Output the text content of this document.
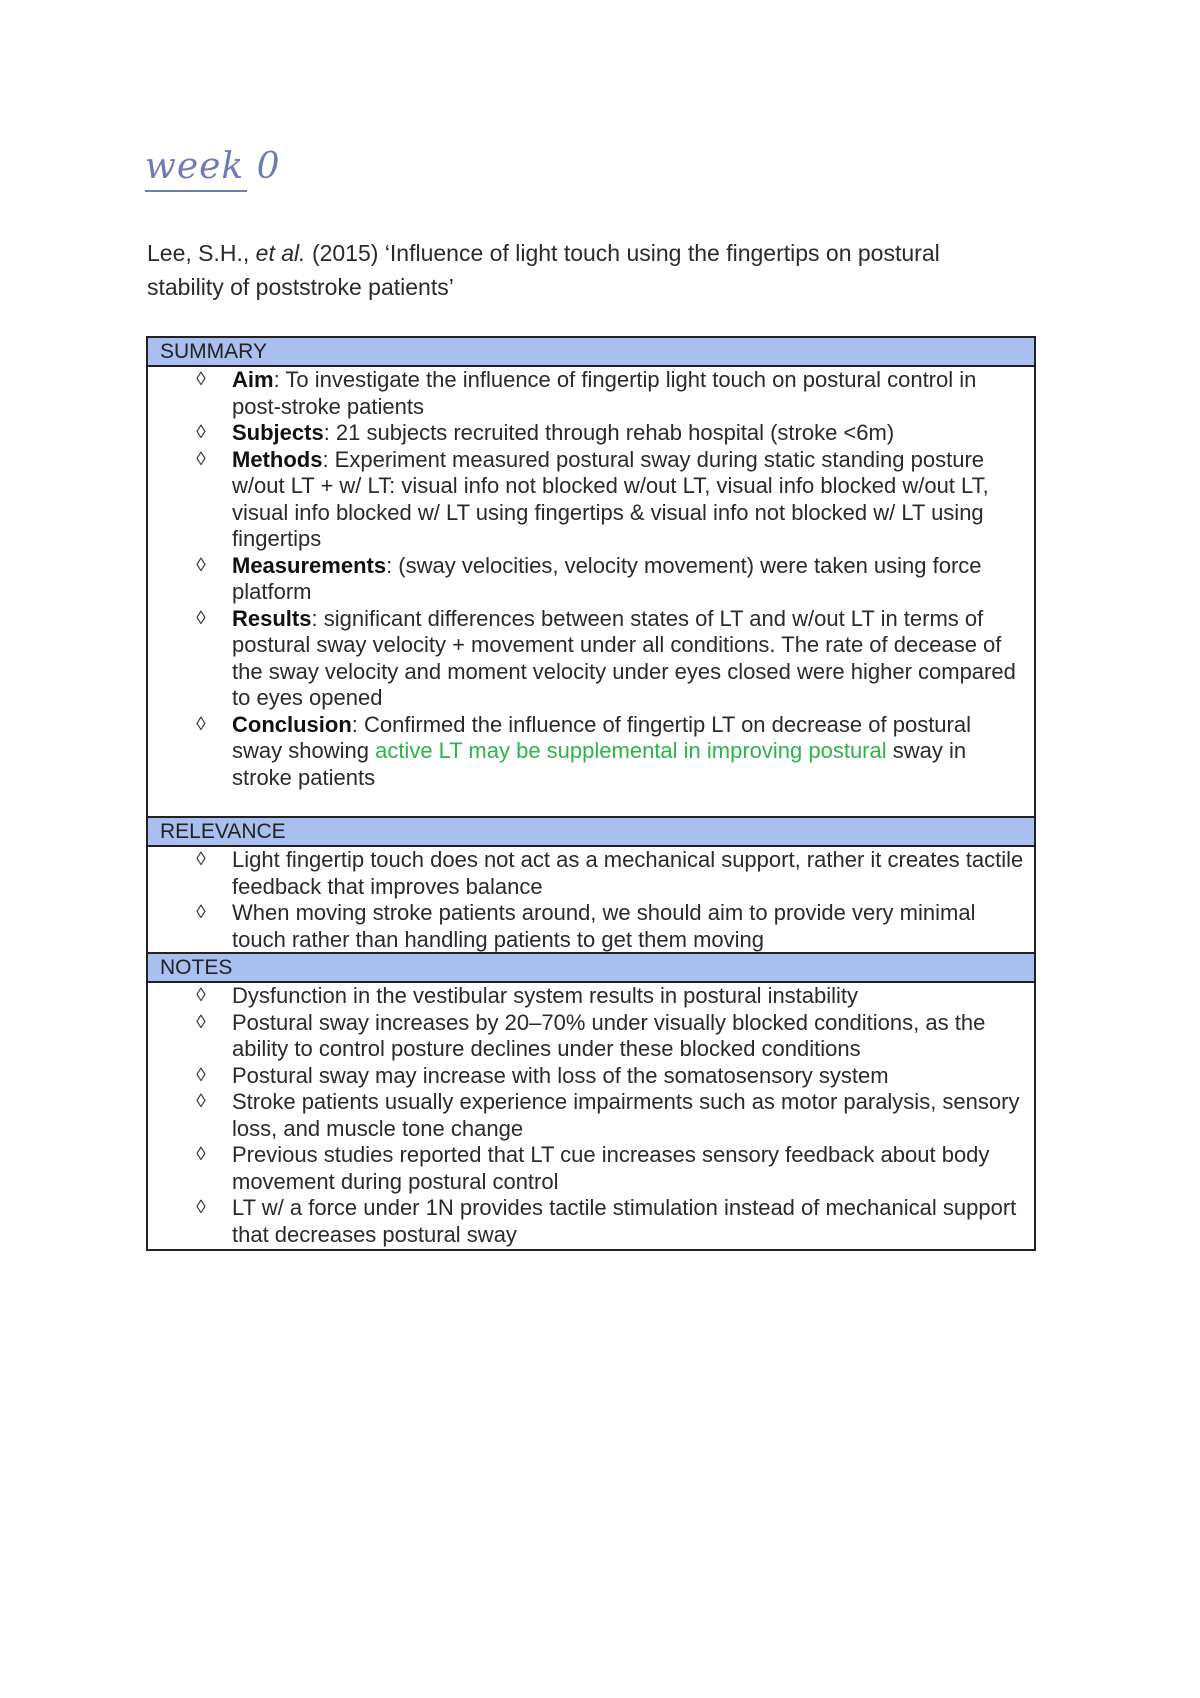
week 0
Lee, S.H., et al. (2015) ‘Influence of light touch using the fingertips on postural
stability of poststroke patients’
SUMMARY
◊ Aim: To investigate the influence of fingertip light touch on postural control in post-stroke patients
◊ Subjects: 21 subjects recruited through rehab hospital (stroke <6m)
◊ Methods: Experiment measured postural sway during static standing posture w/out LT + w/ LT: visual info not blocked w/out LT, visual info blocked w/out LT, visual info blocked w/ LT using fingertips & visual info not blocked w/ LT using fingertips
◊ Measurements: (sway velocities, velocity movement) were taken using force platform
◊ Results: significant differences between states of LT and w/out LT in terms of postural sway velocity + movement under all conditions. The rate of decease of the sway velocity and moment velocity under eyes closed were higher compared to eyes opened
◊ Conclusion: Confirmed the influence of fingertip LT on decrease of postural sway showing active LT may be supplemental in improving postural sway in stroke patients
RELEVANCE
◊ Light fingertip touch does not act as a mechanical support, rather it creates tactile feedback that improves balance
◊ When moving stroke patients around, we should aim to provide very minimal touch rather than handling patients to get them moving
NOTES
◊ Dysfunction in the vestibular system results in postural instability
◊ Postural sway increases by 20–70% under visually blocked conditions, as the ability to control posture declines under these blocked conditions
◊ Postural sway may increase with loss of the somatosensory system
◊ Stroke patients usually experience impairments such as motor paralysis, sensory loss, and muscle tone change
◊ Previous studies reported that LT cue increases sensory feedback about body movement during postural control
◊ LT w/ a force under 1N provides tactile stimulation instead of mechanical support that decreases postural sway
